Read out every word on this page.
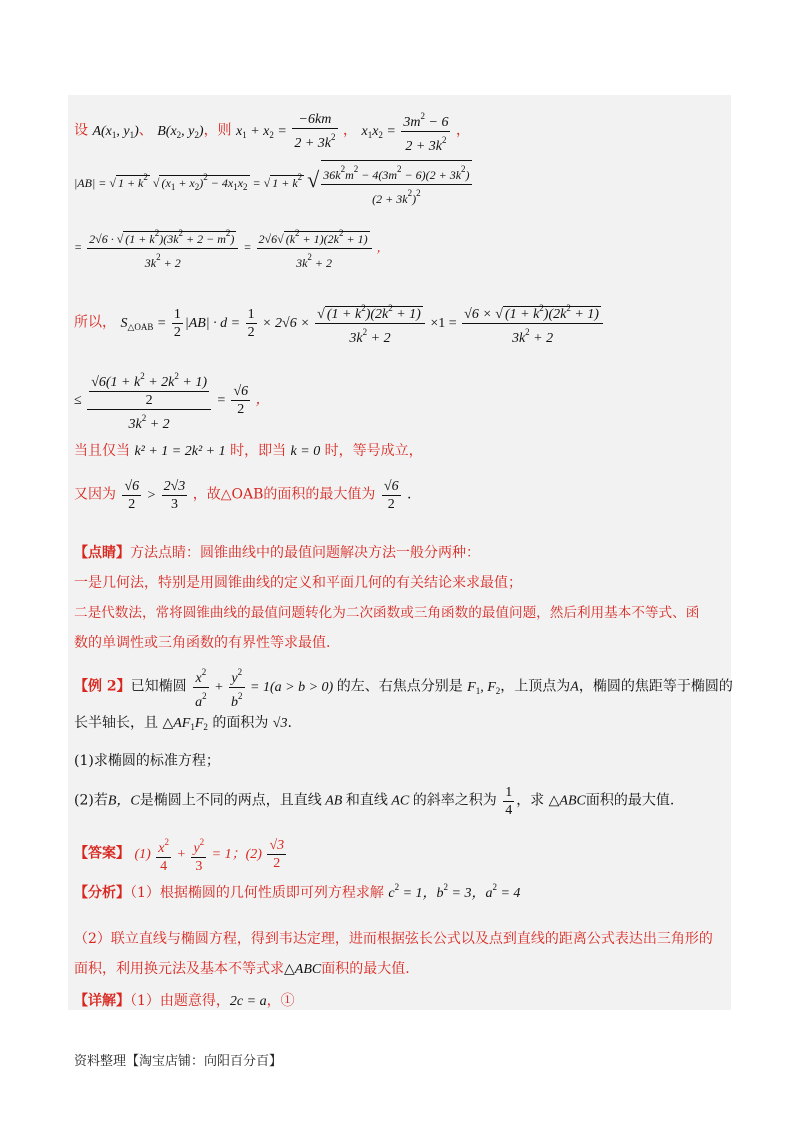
设 $A(x_1$, $y_1$)、 $B(x_2$, $y_2$)，则 $x_1 + x_2 = \frac{-6km}{2 + 3k^2}$ ， $x_1x_2 = \frac{3m^2 - 6}{2 + 3k^2}$ ，
|AB| = √ $1 + k^2$ √ $(x_1 + x_2)^2 - 4x_1x_2$ = √ $1 + k^2$ √ $\frac{36k^2m^2 - 4(3m^2 - 6)(2 + 3k^2)}{(2 + 3k^2)^2}$
= $\frac{2√6 \cdot √ (1 + k^2)(3k^2 + 2 - m^2)}{3k^2 + 2} = \frac{2√6√ (k^2 + 1)(2k^2 + 1)}{3k^2 + 2}$ ，
所以， $S_{\triangle OAB} = \frac{1}{2} |AB| \cdot d = \frac{1}{2} \times 2√6 \times \frac{√ (1 + k^2)(2k^2 + 1)}{3k^2 + 2} \times 1 = \frac{√6 \times √ (1 + k^2)(2k^2 + 1)}{3k^2 + 2}$
≤ $\frac{\frac{√6(1 + k^2 + 2k^2 + 1)}{2}}{3k^2 + 2} = \frac{√6}{2}$ ，
当且仅当 k² + 1 = 2k² + 1 时，即当 k = 0 时，等号成立，
又因为 $\frac{√6}{2} > \frac{2√3}{3}$ ，故△OAB的面积的最大值为 $\frac{√6}{2}$ .
【点睛】方法点睛：圆锥曲线中的最值问题解决方法一般分两种：
一是几何法，特别是用圆锥曲线的定义和平面几何的有关结论来求最值；
二是代数法，常将圆锥曲线的最值问题转化为二次函数或三角函数的最值问题，然后利用基本不等式、函
数的单调性或三角函数的有界性等求最值.
【例 2】已知椭圆 $\frac{x^2}{a^2} + \frac{y^2}{b^2} = 1(a > b > 0)$ 的左、右焦点分别是 $F_1$, $F_2$，上顶点为A，椭圆的焦距等于椭圆的
长半轴长，且 $\triangle AF_1F_2$ 的面积为 √3.
(1)求椭圆的标准方程；
(2)若B，C是椭圆上不同的两点，且直线 AB 和直线 AC 的斜率之积为 $\frac{1}{4}$ ，求 △ABC面积的最大值.
【答案】 $(1) \frac{x^2}{4} + \frac{y^2}{3} = 1$；$(2) \frac{√3}{2}$
【分析】（1）根据椭圆的几何性质即可列方程求解 $c^2 = 1$，$b^2 = 3$，$a^2 = 4$
（2）联立直线与椭圆方程，得到韦达定理，进而根据弦长公式以及点到直线的距离公式表达出三角形的
面积，利用换元法及基本不等式求△ABC面积的最大值.
【详解】（1）由题意得，2c = a，①
资料整理【淘宝店铺：向阳百分百】
